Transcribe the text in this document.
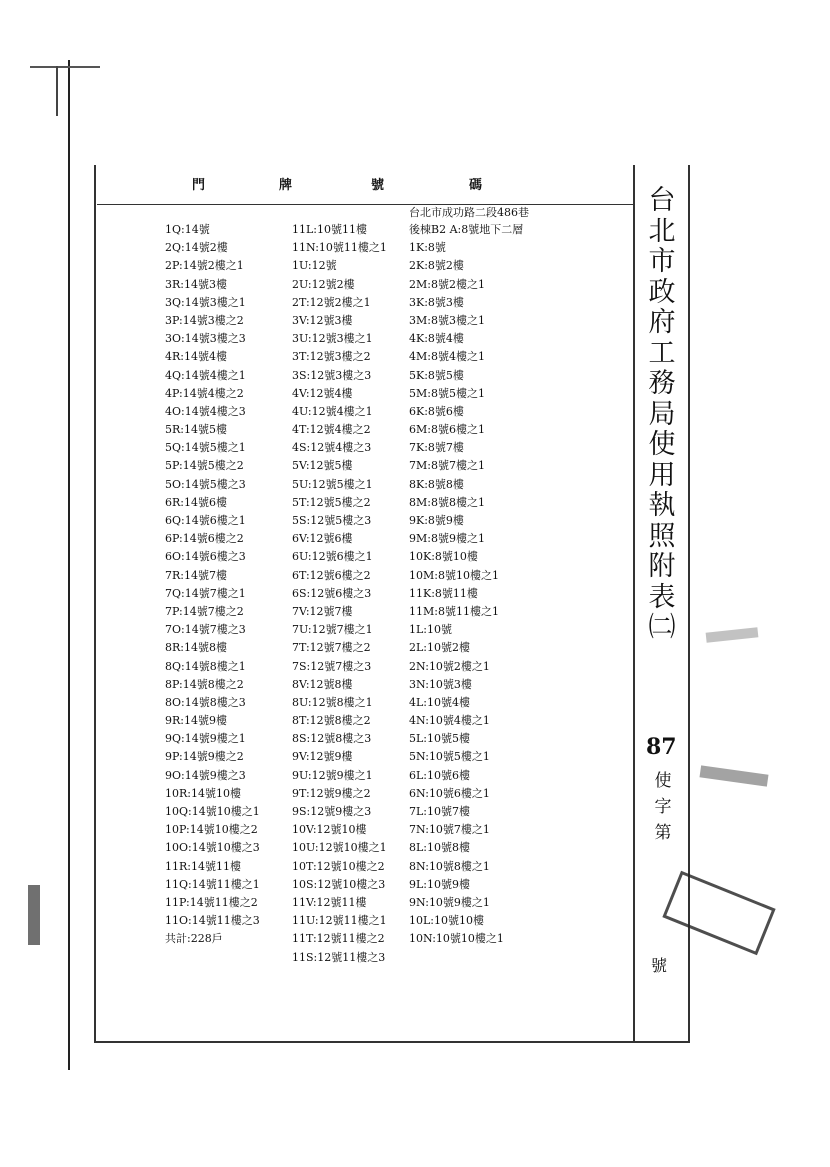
門	牌	號	碼
台北市成功路二段486巷
1Q:14號
2Q:14號2樓
2P:14號2樓之1
3R:14號3樓
3Q:14號3樓之1
3P:14號3樓之2
3O:14號3樓之3
4R:14號4樓
4Q:14號4樓之1
4P:14號4樓之2
4O:14號4樓之3
5R:14號5樓
5Q:14號5樓之1
5P:14號5樓之2
5O:14號5樓之3
6R:14號6樓
6Q:14號6樓之1
6P:14號6樓之2
6O:14號6樓之3
7R:14號7樓
7Q:14號7樓之1
7P:14號7樓之2
7O:14號7樓之3
8R:14號8樓
8Q:14號8樓之1
8P:14號8樓之2
8O:14號8樓之3
9R:14號9樓
9Q:14號9樓之1
9P:14號9樓之2
9O:14號9樓之3
10R:14號10樓
10Q:14號10樓之1
10P:14號10樓之2
10O:14號10樓之3
11R:14號11樓
11Q:14號11樓之1
11P:14號11樓之2
11O:14號11樓之3
共計:228戶
11L:10號11樓
11N:10號11樓之1
1U:12號
2U:12號2樓
2T:12號2樓之1
3V:12號3樓
3U:12號3樓之1
3T:12號3樓之2
3S:12號3樓之3
4V:12號4樓
4U:12號4樓之1
4T:12號4樓之2
4S:12號4樓之3
5V:12號5樓
5U:12號5樓之1
5T:12號5樓之2
5S:12號5樓之3
6V:12號6樓
6U:12號6樓之1
6T:12號6樓之2
6S:12號6樓之3
7V:12號7樓
7U:12號7樓之1
7T:12號7樓之2
7S:12號7樓之3
8V:12號8樓
8U:12號8樓之1
8T:12號8樓之2
8S:12號8樓之3
9V:12號9樓
9U:12號9樓之1
9T:12號9樓之2
9S:12號9樓之3
10V:12號10樓
10U:12號10樓之1
10T:12號10樓之2
10S:12號10樓之3
11V:12號11樓
11U:12號11樓之1
11T:12號11樓之2
11S:12號11樓之3
後棟B2 A:8號地下二層
1K:8號
2K:8號2樓
2M:8號2樓之1
3K:8號3樓
3M:8號3樓之1
4K:8號4樓
4M:8號4樓之1
5K:8號5樓
5M:8號5樓之1
6K:8號6樓
6M:8號6樓之1
7K:8號7樓
7M:8號7樓之1
8K:8號8樓
8M:8號8樓之1
9K:8號9樓
9M:8號9樓之1
10K:8號10樓
10M:8號10樓之1
11K:8號11樓
11M:8號11樓之1
1L:10號
2L:10號2樓
2N:10號2樓之1
3N:10號3樓
4L:10號4樓
4N:10號4樓之1
5L:10號5樓
5N:10號5樓之1
6L:10號6樓
6N:10號6樓之1
7L:10號7樓
7N:10號7樓之1
8L:10號8樓
8N:10號8樓之1
9L:10號9樓
9N:10號9樓之1
10L:10號10樓
10N:10號10樓之1
台
北
市
政
府
工
務
局
使
用
執
照
附
表
㈡
87
使
字
第
號
